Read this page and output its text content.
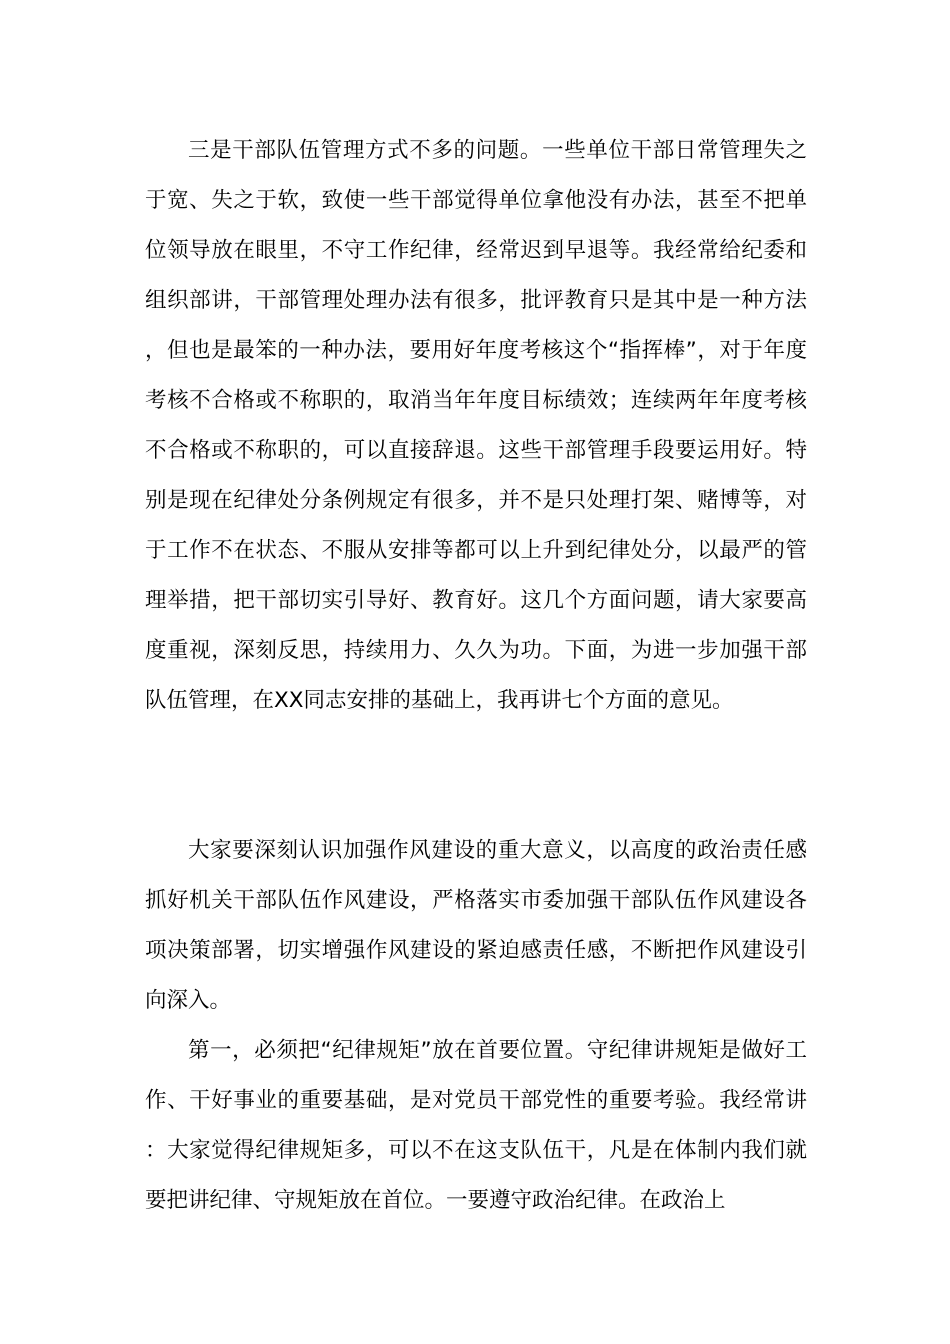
三是干部队伍管理方式不多的问题。一些单位干部日常管理失之于宽、失之于软，致使一些干部觉得单位拿他没有办法，甚至不把单位领导放在眼里，不守工作纪律，经常迟到早退等。我经常给纪委和组织部讲，干部管理处理办法有很多，批评教育只是其中是一种方法，但也是最笨的一种办法，要用好年度考核这个“指挥棒”，对于年度考核不合格或不称职的，取消当年年度目标绩效；连续两年年度考核不合格或不称职的，可以直接辞退。这些干部管理手段要运用好。特别是现在纪律处分条例规定有很多，并不是只处理打架、赌博等，对于工作不在状态、不服从安排等都可以上升到纪律处分，以最严的管理举措，把干部切实引导好、教育好。这几个方面问题，请大家要高度重视，深刻反思，持续用力、久久为功。下面，为进一步加强干部队伍管理，在XX同志安排的基础上，我再讲七个方面的意见。

大家要深刻认识加强作风建设的重大意义，以高度的政治责任感抓好机关干部队伍作风建设，严格落实市委加强干部队伍作风建设各项决策部署，切实增强作风建设的紧迫感责任感，不断把作风建设引向深入。

第一，必须把“纪律规矩”放在首要位置。守纪律讲规矩是做好工作、干好事业的重要基础，是对党员干部党性的重要考验。我经常讲：大家觉得纪律规矩多，可以不在这支队伍干，凡是在体制内我们就要把讲纪律、守规矩放在首位。一要遵守政治纪律。在政治上
